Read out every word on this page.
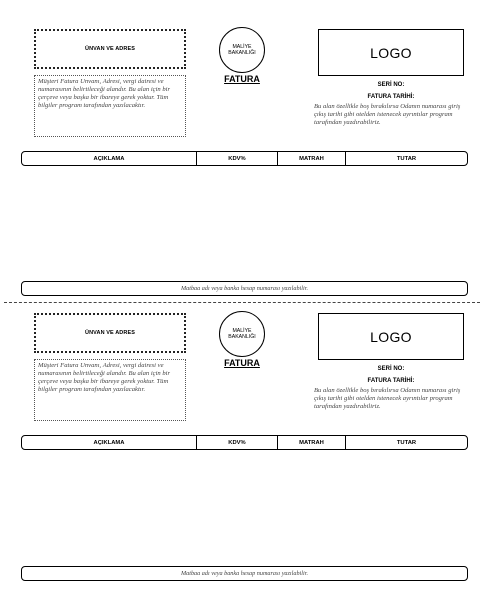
ÜNVAN VE ADRES
Müşteri Fatura Unvanı, Adresi, vergi dairesi ve numarasının belirtileceği alandır. Bu alan için bir çerçeve veya başka bir ibareye gerek yoktur. Tüm bilgiler program tarafından yazılacaktır.
MALİYE
BAKANLIĞI
FATURA
LOGO
SERİ NO:
FATURA TARİHİ:
Bu alan özellikle boş bırakılırsa Odanın numarası giriş çıkış tarihi gibi otelden istenecek ayrıntılar program tarafından yazdırabiliriz.
AÇIKLAMA	KDV%	MATRAH	TUTAR
Matbaa adı veya banka hesap numarası yazılabilir.
ÜNVAN VE ADRES
Müşteri Fatura Unvanı, Adresi, vergi dairesi ve numarasının belirtileceği alandır. Bu alan için bir çerçeve veya başka bir ibareye gerek yoktur. Tüm bilgiler program tarafından yazılacaktır.
MALİYE
BAKANLIĞI
FATURA
LOGO
SERİ NO:
FATURA TARİHİ:
Bu alan özellikle boş bırakılırsa Odanın numarası giriş çıkış tarihi gibi otelden istenecek ayrıntılar program tarafından yazdırabiliriz.
AÇIKLAMA	KDV%	MATRAH	TUTAR
Matbaa adı veya banka hesap numarası yazılabilir.
